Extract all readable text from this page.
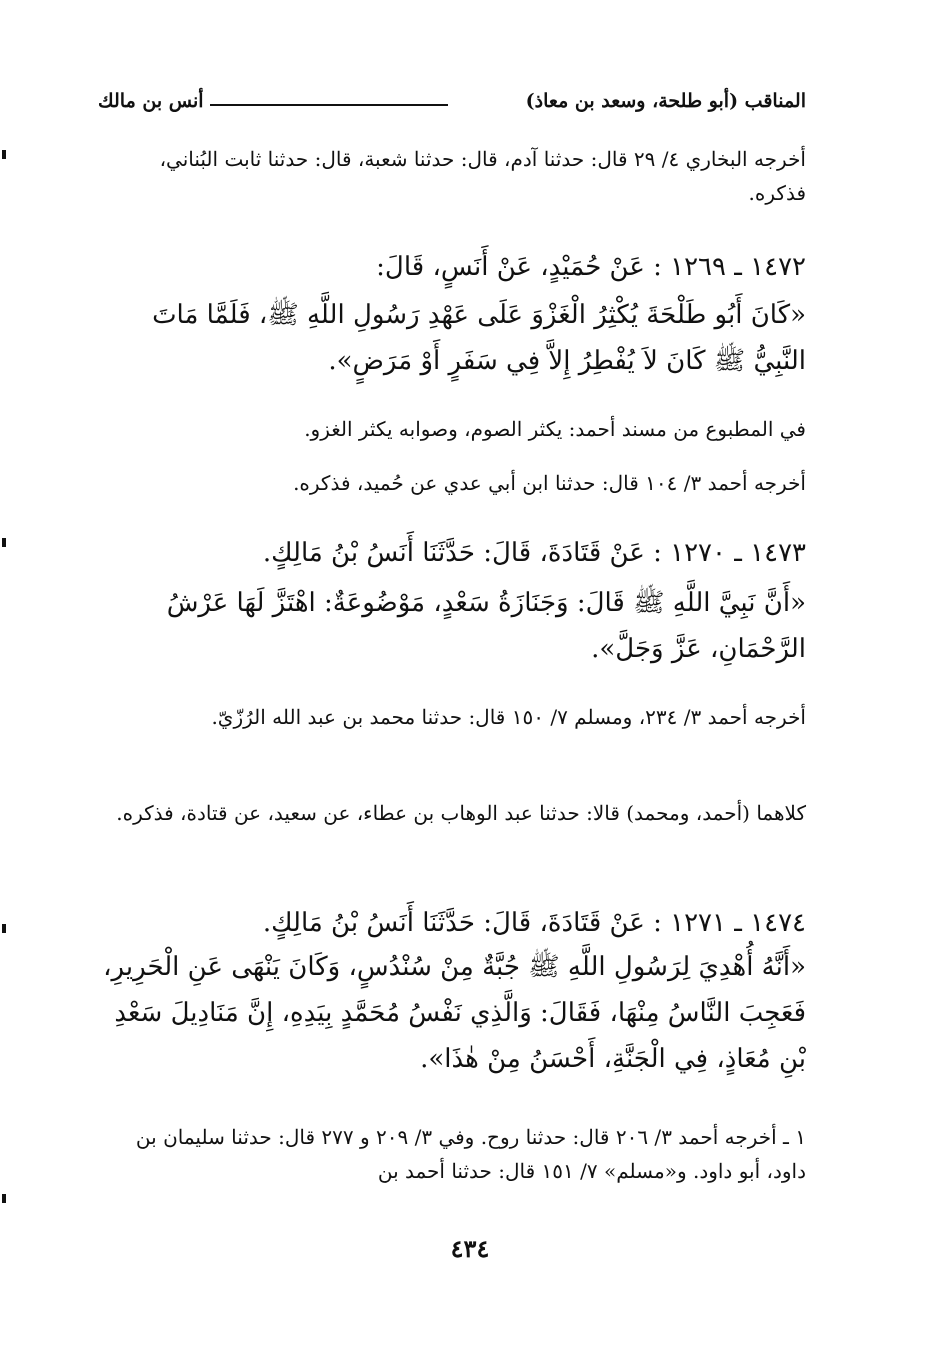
المناقب (أبو طلحة، وسعد بن معاذ)
أنس بن مالك
أخرجه البخاري ٤/ ٢٩ قال: حدثنا آدم، قال: حدثنا شعبة، قال: حدثنا ثابت البُناني، فذكره.
١٤٧٢ ـ ١٢٦٩ : عَنْ حُمَيْدٍ، عَنْ أَنَسٍ، قَالَ:
«كَانَ أَبُو طَلْحَةَ يُكْثِرُ الْغَزْوَ عَلَى عَهْدِ رَسُولِ اللَّهِ ﷺ، فَلَمَّا مَاتَ النَّبِيُّ ﷺ كَانَ لاَ يُفْطِرُ إِلاَّ فِي سَفَرٍ أَوْ مَرَضٍ».
في المطبوع من مسند أحمد: يكثر الصوم، وصوابه يكثر الغزو.
أخرجه أحمد ٣/ ١٠٤ قال: حدثنا ابن أبي عدي عن حُميد، فذكره.
١٤٧٣ ـ ١٢٧٠ : عَنْ قَتَادَةَ، قَالَ: حَدَّثَنَا أَنَسُ بْنُ مَالِكٍ.
«أَنَّ نَبِيَّ اللَّهِ ﷺ قَالَ: وَجَنَازَةُ سَعْدٍ، مَوْضُوعَةٌ: اهْتَزَّ لَهَا عَرْشُ الرَّحْمَانِ، عَزَّ وَجَلَّ».
أخرجه أحمد ٣/ ٢٣٤، ومسلم ٧/ ١٥٠ قال: حدثنا محمد بن عبد الله الرُزّيّ.
كلاهما (أحمد، ومحمد) قالا: حدثنا عبد الوهاب بن عطاء، عن سعيد، عن قتادة، فذكره.
١٤٧٤ ـ ١٢٧١ : عَنْ قَتَادَةَ، قَالَ: حَدَّثَنَا أَنَسُ بْنُ مَالِكٍ.
«أَنَّهُ أُهْدِيَ لِرَسُولِ اللَّهِ ﷺ جُبَّةٌ مِنْ سُنْدُسٍ، وَكَانَ يَنْهَى عَنِ الْحَرِيرِ، فَعَجِبَ النَّاسُ مِنْهَا، فَقَالَ: وَالَّذِي نَفْسُ مُحَمَّدٍ بِيَدِهِ، إِنَّ مَنَادِيلَ سَعْدِ بْنِ مُعَاذٍ، فِي الْجَنَّةِ، أَحْسَنُ مِنْ هٰذَا».
١ ـ أخرجه أحمد ٣/ ٢٠٦ قال: حدثنا روح. وفي ٣/ ٢٠٩ و ٢٧٧ قال: حدثنا سليمان بن داود، أبو داود. و«مسلم» ٧/ ١٥١ قال: حدثنا أحمد بن
٤٣٤
